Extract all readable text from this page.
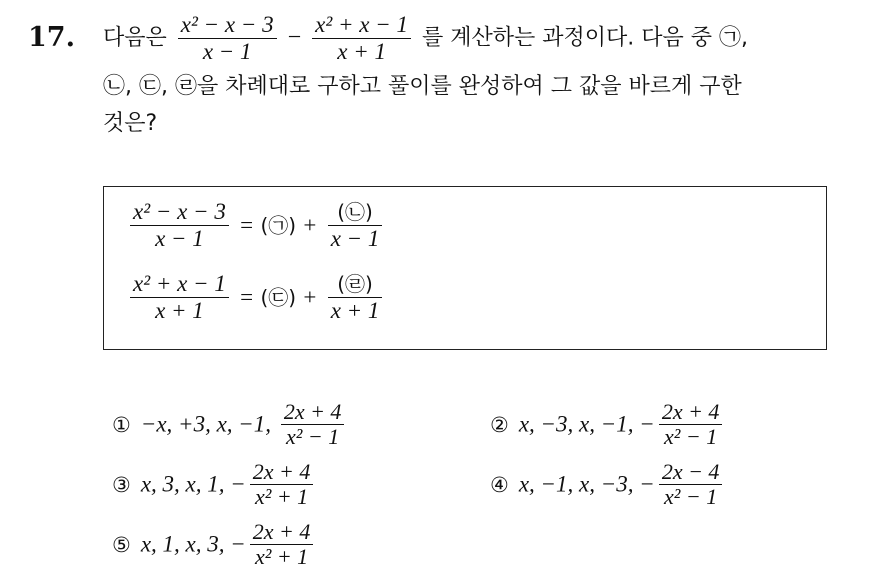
17. 다음은 $\frac{\text{x² − x − 3}}{x - 1} - \frac{\text{x² + x − 1}}{x + 1}$ 를 계산하는 과정이다. 다음 중 ㉠,
㉡, ㉢, ㉣을 차례대로 구하고 풀이를 완성하여 그 값을 바르게 구한
것은?
$\frac{\text{x² − x − 3}}{x - 1}$ = (㉠) + $\frac{(㉡)}{x - 1}$
$\frac{\text{x² + x − 1}}{x + 1}$ = (㉢) + $\frac{(㉣)}{x + 1}$
① −x, +3, x, −1, $\frac{2x + 4}{\text{x² − 1}}$	② x, −3, x, −1, − $\frac{2x + 4}{\text{x² − 1}}$
③ x, 3, x, 1, − $\frac{2x + 4}{\text{x² + 1}}$	④ x, −1, x, −3, − $\frac{2x - 4}{\text{x² − 1}}$
⑤ x, 1, x, 3, − $\frac{2x + 4}{\text{x² + 1}}$
